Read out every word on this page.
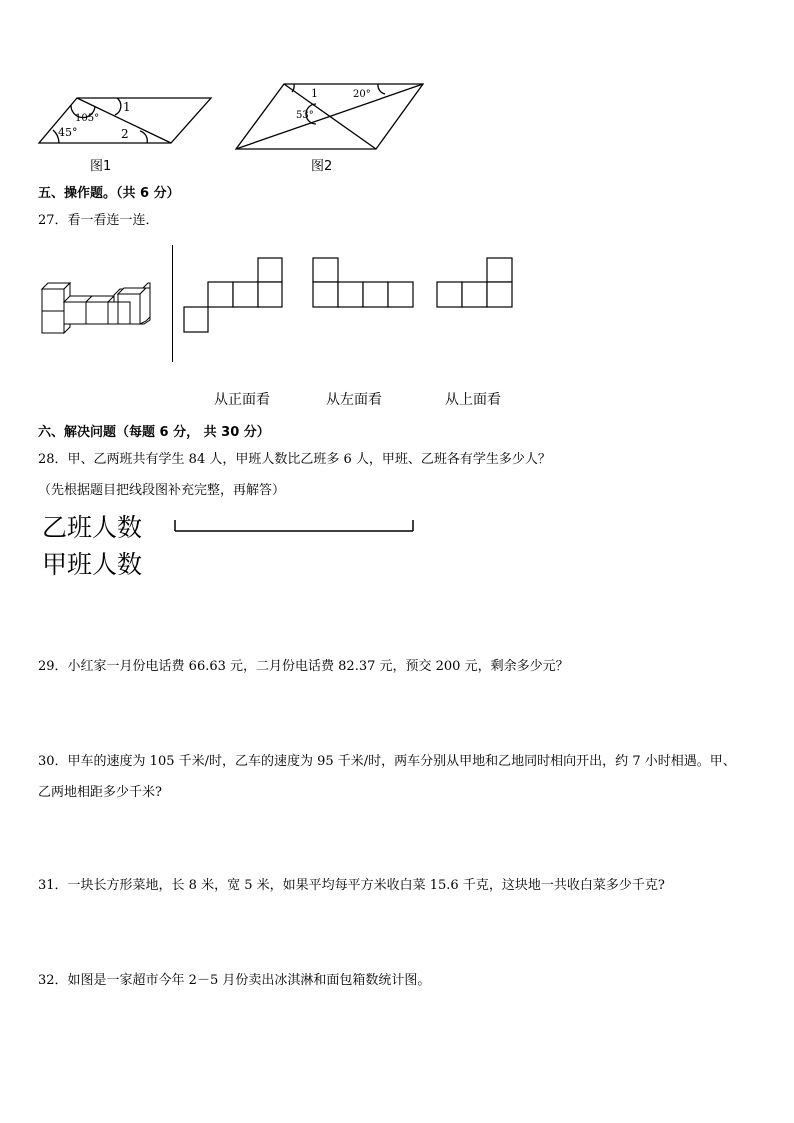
105°
45°
1
2
图1
1	20°
53°
图2
五、操作题。（共 6 分）
27．看一看连一连．
从正面看	从左面看	从上面看
六、解决问题（每题 6 分， 共 30 分）
28．甲、乙两班共有学生 84 人，甲班人数比乙班多 6 人，甲班、乙班各有学生多少人？
（先根据题目把线段图补充完整，再解答）
乙班人数
甲班人数
29．小红家一月份电话费 66.63 元，二月份电话费 82.37 元，预交 200 元，剩余多少元？
30．甲车的速度为 105 千米/时，乙车的速度为 95 千米/时，两车分别从甲地和乙地同时相向开出，约 7 小时相遇。甲、
乙两地相距多少千米?
31．一块长方形菜地，长 8 米，宽 5 米，如果平均每平方米收白菜 15.6 千克，这块地一共收白菜多少千克?
32．如图是一家超市今年 2－5 月份卖出冰淇淋和面包箱数统计图。
